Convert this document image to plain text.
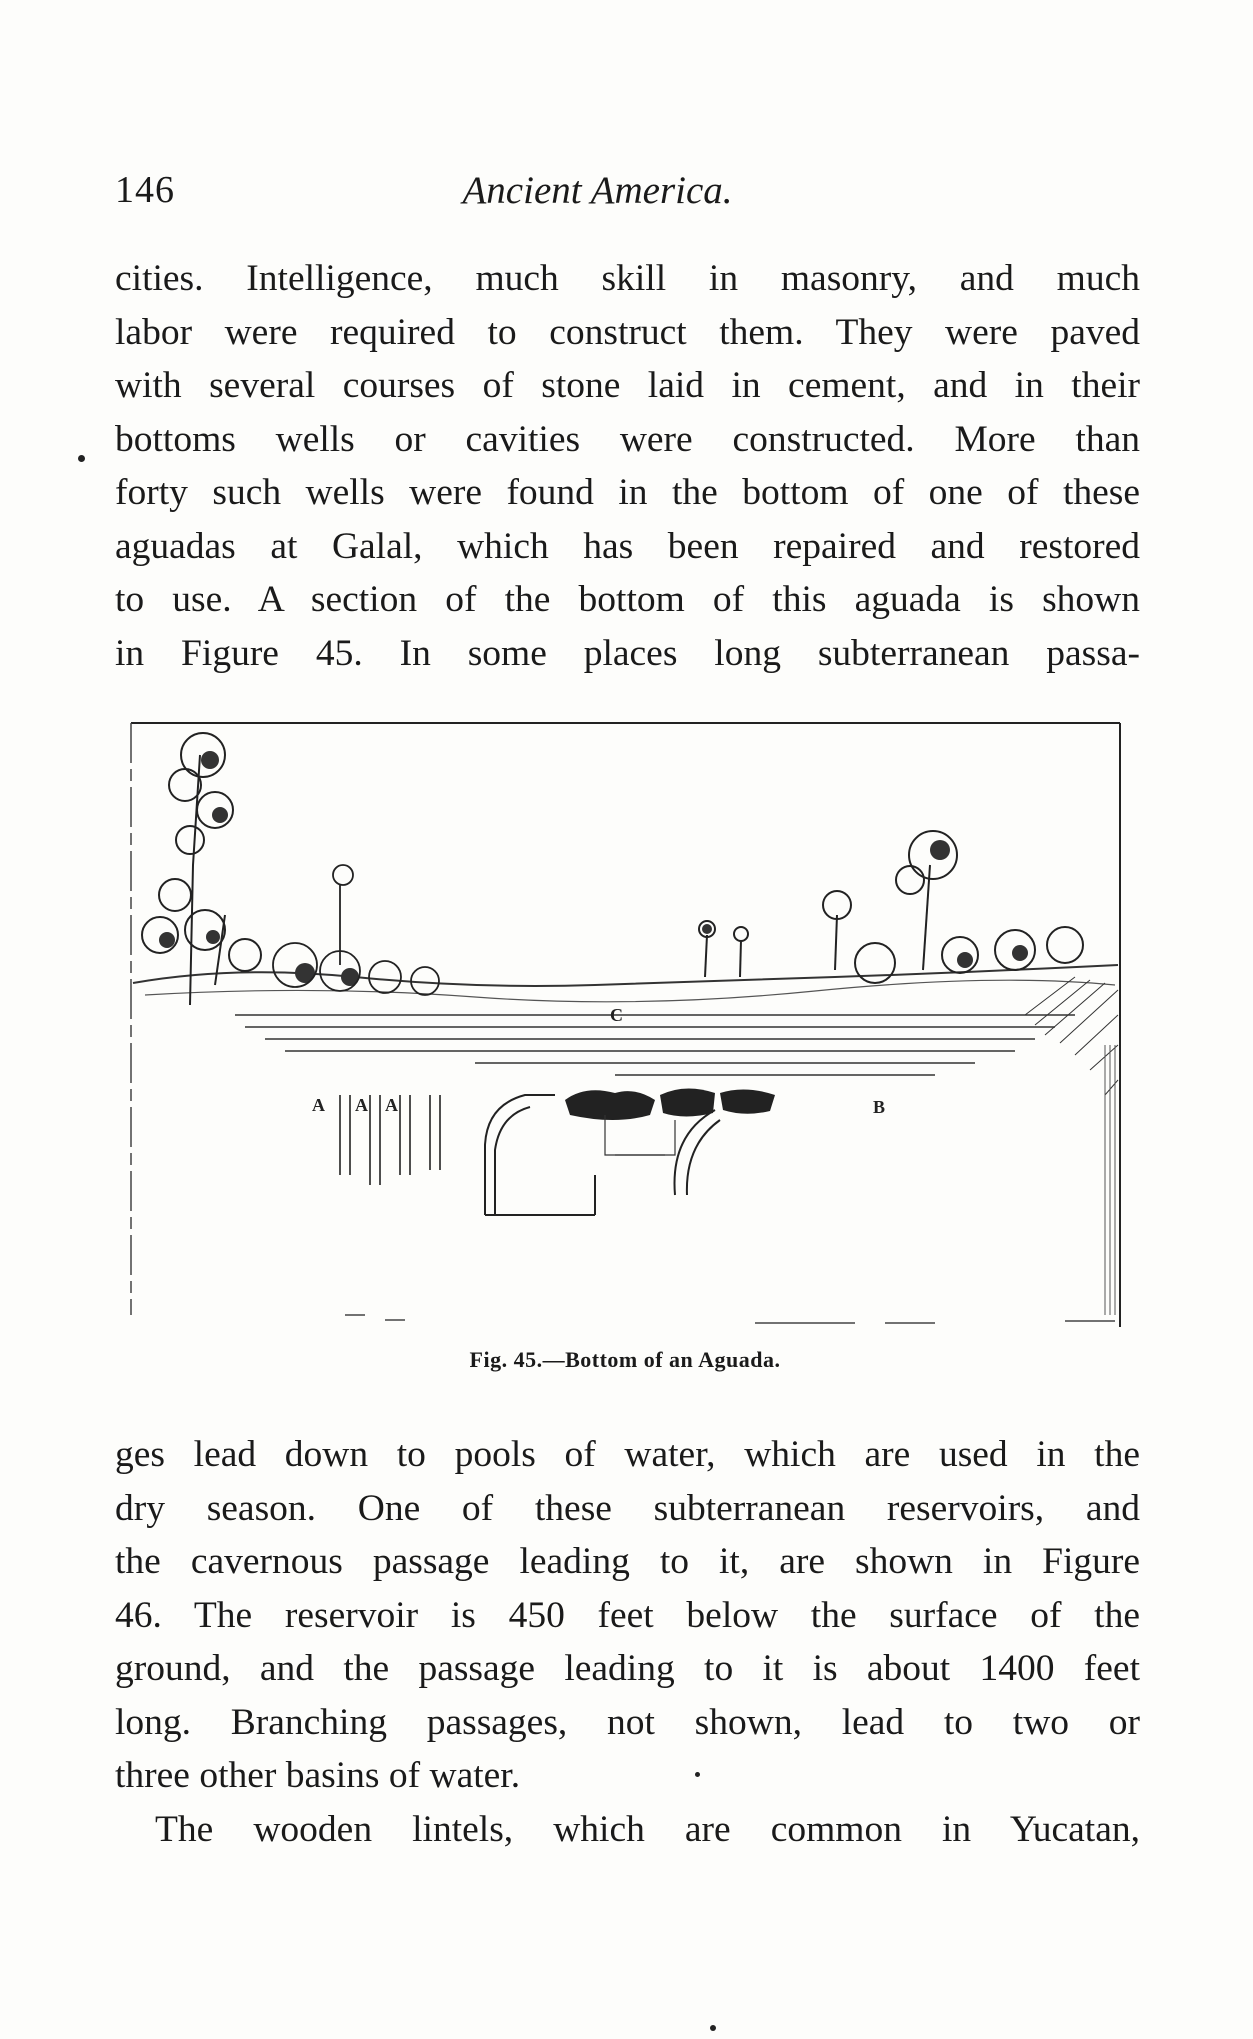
146	Ancient America.
cities. Intelligence, much skill in masonry, and much
labor were required to construct them. They were paved
with several courses of stone laid in cement, and in their
bottoms wells or cavities were constructed. More than
forty such wells were found in the bottom of one of these
aguadas at Galal, which has been repaired and restored
to use. A section of the bottom of this aguada is shown
in Figure 45. In some places long subterranean passa-
A A A
C
B
Fig. 45.—Bottom of an Aguada.
ges lead down to pools of water, which are used in the
dry season. One of these subterranean reservoirs, and
the cavernous passage leading to it, are shown in Figure
46. The reservoir is 450 feet below the surface of the
ground, and the passage leading to it is about 1400 feet
long. Branching passages, not shown, lead to two or
three other basins of water.
The wooden lintels, which are common in Yucatan,
